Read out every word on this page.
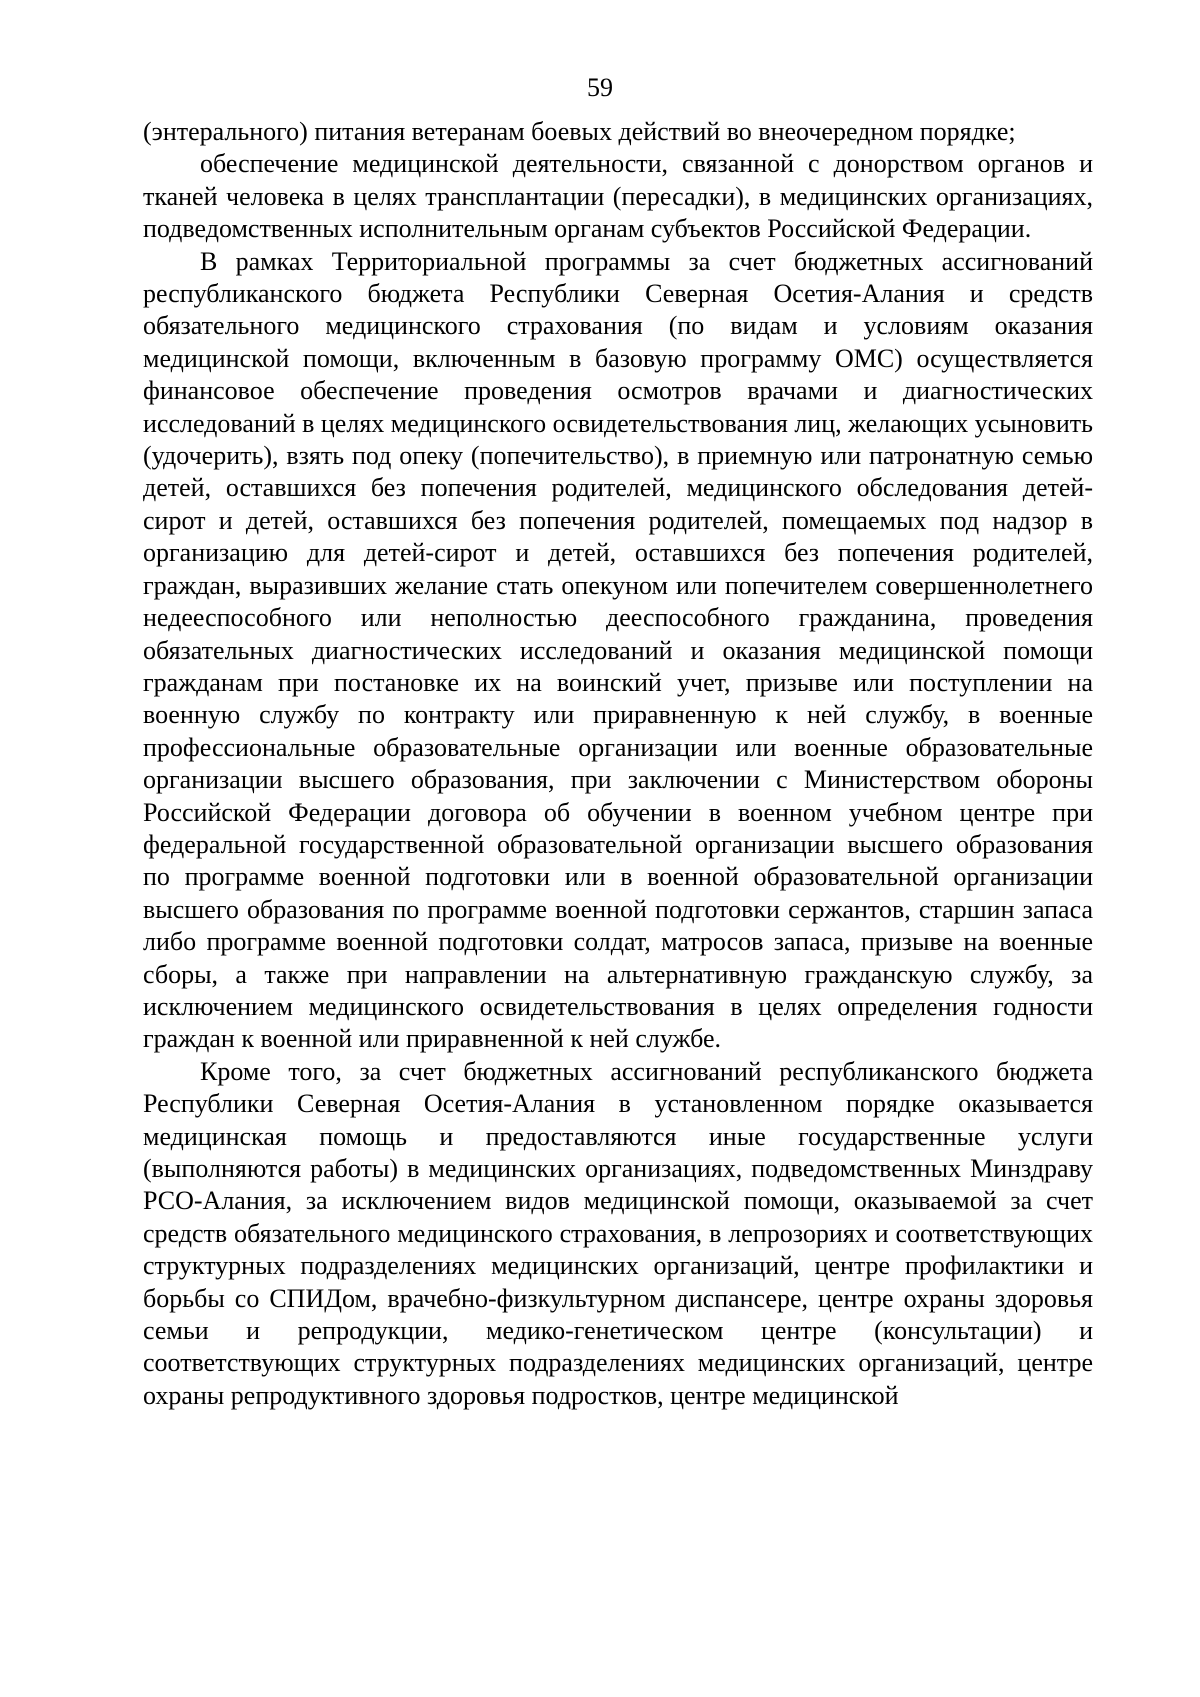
59

(энтерального) питания ветеранам боевых действий во внеочередном порядке;

обеспечение медицинской деятельности, связанной с донорством органов и тканей человека в целях трансплантации (пересадки), в медицинских организациях, подведомственных исполнительным органам субъектов Российской Федерации.

В рамках Территориальной программы за счет бюджетных ассигнований республиканского бюджета Республики Северная Осетия-Алания и средств обязательного медицинского страхования (по видам и условиям оказания медицинской помощи, включенным в базовую программу ОМС) осуществляется финансовое обеспечение проведения осмотров врачами и диагностических исследований в целях медицинского освидетельствования лиц, желающих усыновить (удочерить), взять под опеку (попечительство), в приемную или патронатную семью детей, оставшихся без попечения родителей, медицинского обследования детей-сирот и детей, оставшихся без попечения родителей, помещаемых под надзор в организацию для детей-сирот и детей, оставшихся без попечения родителей, граждан, выразивших желание стать опекуном или попечителем совершеннолетнего недееспособного или неполностью дееспособного гражданина, проведения обязательных диагностических исследований и оказания медицинской помощи гражданам при постановке их на воинский учет, призыве или поступлении на военную службу по контракту или приравненную к ней службу, в военные профессиональные образовательные организации или военные образовательные организации высшего образования, при заключении с Министерством обороны Российской Федерации договора об обучении в военном учебном центре при федеральной государственной образовательной организации высшего образования по программе военной подготовки или в военной образовательной организации высшего образования по программе военной подготовки сержантов, старшин запаса либо программе военной подготовки солдат, матросов запаса, призыве на военные сборы, а также при направлении на альтернативную гражданскую службу, за исключением медицинского освидетельствования в целях определения годности граждан к военной или приравненной к ней службе.

Кроме того, за счет бюджетных ассигнований республиканского бюджета Республики Северная Осетия-Алания в установленном порядке оказывается медицинская помощь и предоставляются иные государственные услуги (выполняются работы) в медицинских организациях, подведомственных Минздраву РСО-Алания, за исключением видов медицинской помощи, оказываемой за счет средств обязательного медицинского страхования, в лепрозориях и соответствующих структурных подразделениях медицинских организаций, центре профилактики и борьбы со СПИДом, врачебно-физкультурном диспансере, центре охраны здоровья семьи и репродукции, медико-генетическом центре (консультации) и соответствующих структурных подразделениях медицинских организаций, центре охраны репродуктивного здоровья подростков, центре медицинской
